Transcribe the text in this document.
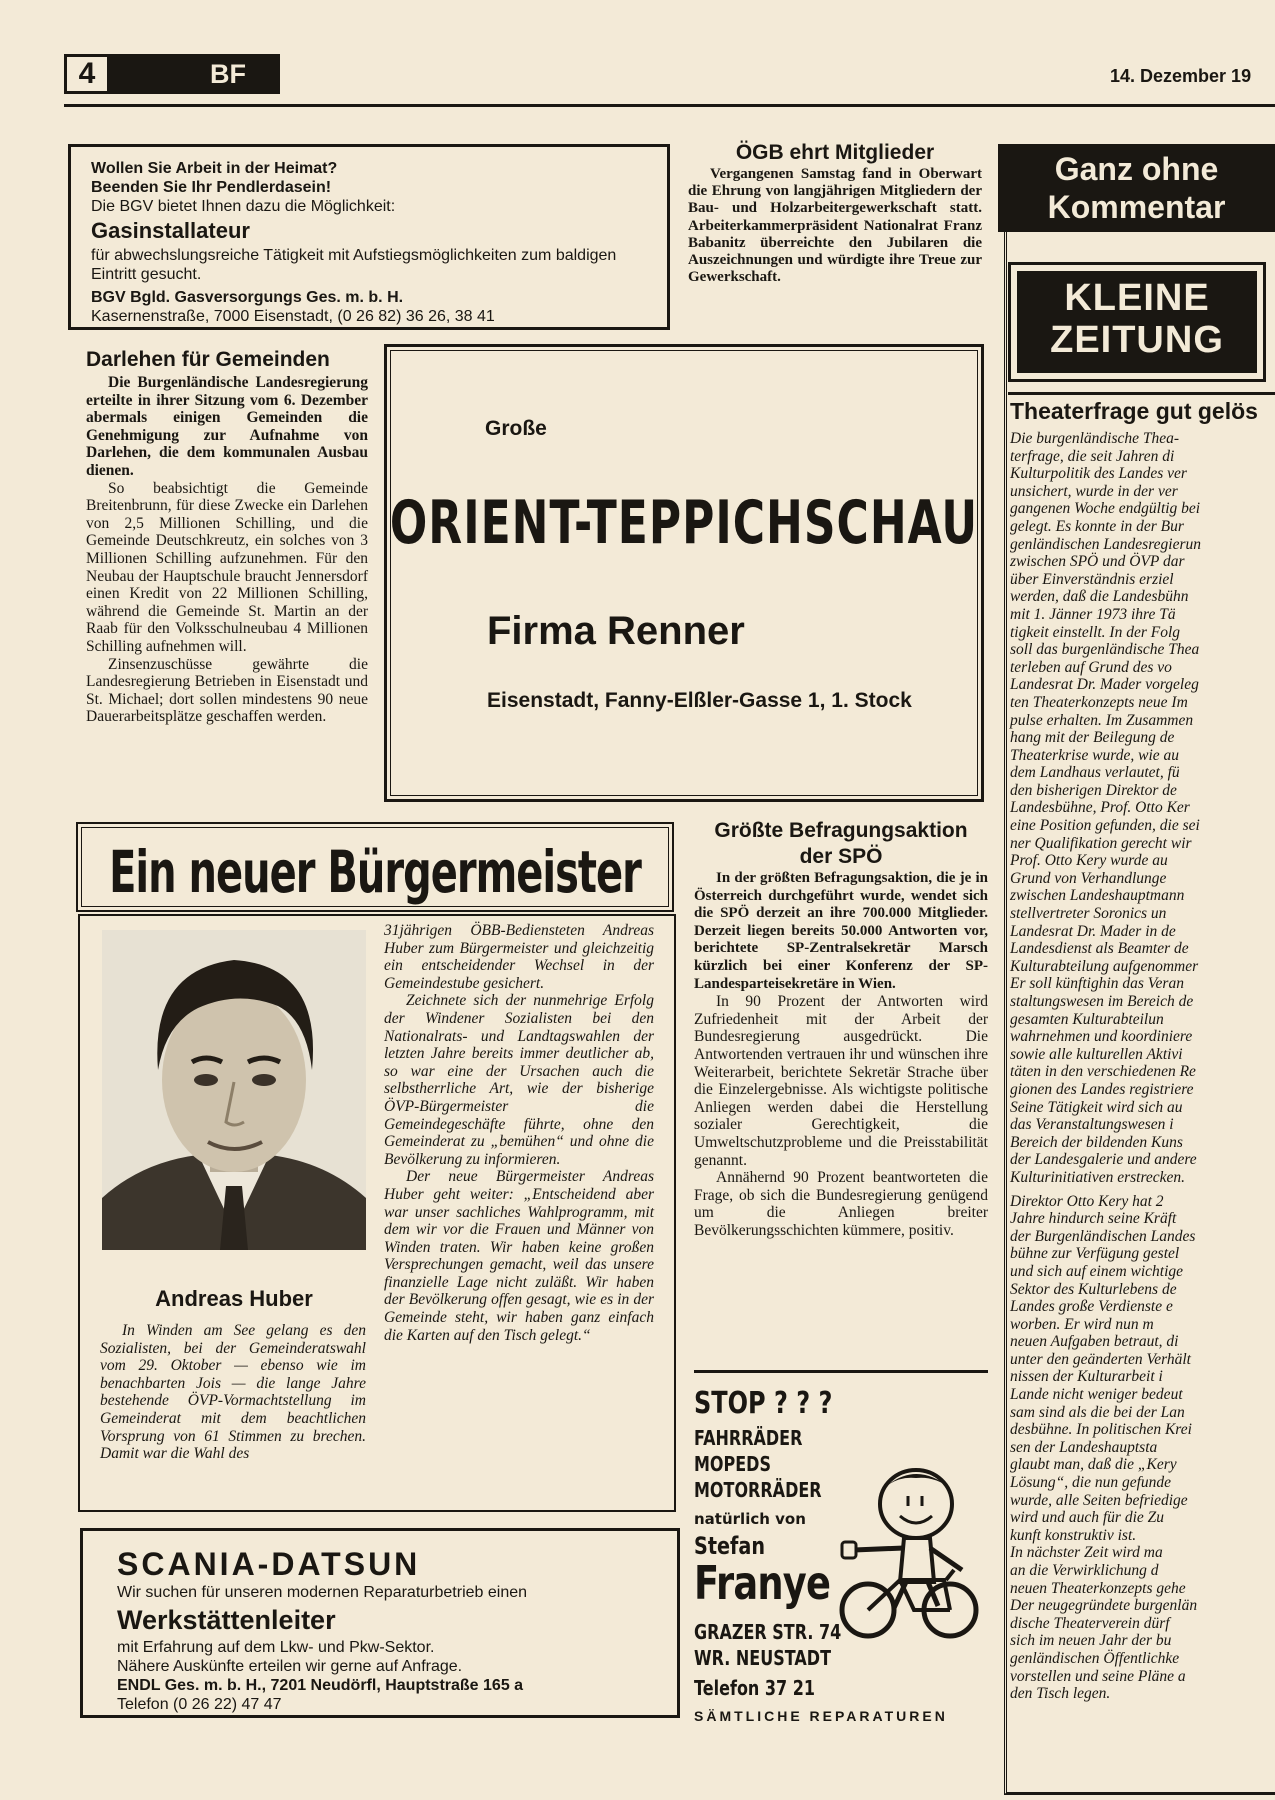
4	BF	14. Dezember 19
Wollen Sie Arbeit in der Heimat?
Beenden Sie Ihr Pendlerdasein!
Die BGV bietet Ihnen dazu die Möglichkeit:
Gasinstallateur
für abwechslungsreiche Tätigkeit mit Aufstiegsmöglichkeiten zum baldigen Eintritt gesucht.
BGV Bgld. Gasversorgungs Ges. m. b. H.
Kasernenstraße, 7000 Eisenstadt, (0 26 82) 36 26, 38 41
ÖGB ehrt Mitglieder

Vergangenen Samstag fand in Oberwart die Ehrung von langjährigen Mitgliedern der Bau- und Holzarbeitergewerkschaft statt. Arbeiterkammerpräsident Nationalrat Franz Babanitz überreichte den Jubilaren die Auszeichnungen und würdigte ihre Treue zur Gewerkschaft.

Darlehen für Gemeinden

Die Burgenländische Landesregierung erteilte in ihrer Sitzung vom 6. Dezember abermals einigen Gemeinden die Genehmigung zur Aufnahme von Darlehen, die dem kommunalen Ausbau dienen.

So beabsichtigt die Gemeinde Breitenbrunn, für diese Zwecke ein Darlehen von 2,5 Millionen Schilling, und die Gemeinde Deutschkreutz, ein solches von 3 Millionen Schilling aufzunehmen. Für den Neubau der Hauptschule braucht Jennersdorf einen Kredit von 22 Millionen Schilling, während die Gemeinde St. Martin an der Raab für den Volksschulneubau 4 Millionen Schilling aufnehmen will.

Zinsenzuschüsse gewährte die Landesregierung Betrieben in Eisenstadt und St. Michael; dort sollen mindestens 90 neue Dauerarbeitsplätze geschaffen werden.

Große
ORIENT-TEPPICHSCHAU
Firma Renner
Eisenstadt, Fanny-Elßler-Gasse 1, 1. Stock
Ein neuer Bürgermeister
Andreas Huber

In Winden am See gelang es den Sozialisten, bei der Gemeinderatswahl vom 29. Oktober — ebenso wie im benachbarten Jois — die lange Jahre bestehende ÖVP-Vormachtstellung im Gemeinderat mit dem beachtlichen Vorsprung von 61 Stimmen zu brechen. Damit war die Wahl des

31jährigen ÖBB-Bediensteten Andreas Huber zum Bürgermeister und gleichzeitig ein entscheidender Wechsel in der Gemeindestube gesichert.

Zeichnete sich der nunmehrige Erfolg der Windener Sozialisten bei den Nationalrats- und Landtagswahlen der letzten Jahre bereits immer deutlicher ab, so war eine der Ursachen auch die selbstherrliche Art, wie der bisherige ÖVP-Bürgermeister die Gemeindegeschäfte führte, ohne den Gemeinderat zu „bemühen“ und ohne die Bevölkerung zu informieren.

Der neue Bürgermeister Andreas Huber geht weiter: „Entscheidend aber war unser sachliches Wahlprogramm, mit dem wir vor die Frauen und Männer von Winden traten. Wir haben keine großen Versprechungen gemacht, weil das unsere finanzielle Lage nicht zuläßt. Wir haben der Bevölkerung offen gesagt, wie es in der Gemeinde steht, wir haben ganz einfach die Karten auf den Tisch gelegt.“

Größte Befragungsaktion
der SPÖ

In der größten Befragungsaktion, die je in Österreich durchgeführt wurde, wendet sich die SPÖ derzeit an ihre 700.000 Mitglieder. Derzeit liegen bereits 50.000 Antworten vor, berichtete SP-Zentralsekretär Marsch kürzlich bei einer Konferenz der SP-Landesparteisekretäre in Wien.

In 90 Prozent der Antworten wird Zufriedenheit mit der Arbeit der Bundesregierung ausgedrückt. Die Antwortenden vertrauen ihr und wünschen ihre Weiterarbeit, berichtete Sekretär Strache über die Einzelergebnisse. Als wichtigste politische Anliegen werden dabei die Herstellung sozialer Gerechtigkeit, die Umweltschutzprobleme und die Preisstabilität genannt.

Annähernd 90 Prozent beantworteten die Frage, ob sich die Bundesregierung genügend um die Anliegen breiter Bevölkerungsschichten kümmere, positiv.

SCANIA-DATSUN
Wir suchen für unseren modernen Reparaturbetrieb einen
Werkstättenleiter
mit Erfahrung auf dem Lkw- und Pkw-Sektor.
Nähere Auskünfte erteilen wir gerne auf Anfrage.
ENDL Ges. m. b. H., 7201 Neudörfl, Hauptstraße 165 a
Telefon (0 26 22) 47 47
STOP ? ? ?
FAHRRÄDER
MOPEDS
MOTORRÄDER
natürlich von
Stefan
Franye
GRAZER STR. 74
WR. NEUSTADT
Telefon 37 21
SÄMTLICHE REPARATUREN
Ganz ohne
Kommentar
KLEINE
ZEITUNG
Theaterfrage gut gelös

Die burgenländische Thea-
terfrage, die seit Jahren di
Kulturpolitik des Landes ver
unsichert, wurde in der ver
gangenen Woche endgültig bei
gelegt. Es konnte in der Bur
genländischen Landesregierun
zwischen SPÖ und ÖVP dar
über Einverständnis erziel
werden, daß die Landesbühn
mit 1. Jänner 1973 ihre Tä
tigkeit einstellt. In der Folg
soll das burgenländische Thea
terleben auf Grund des vo
Landesrat Dr. Mader vorgeleg
ten Theaterkonzepts neue Im
pulse erhalten. Im Zusammen
hang mit der Beilegung de
Theaterkrise wurde, wie au
dem Landhaus verlautet, fü
den bisherigen Direktor de
Landesbühne, Prof. Otto Ker
eine Position gefunden, die sei
ner Qualifikation gerecht wir
Prof. Otto Kery wurde au
Grund von Verhandlunge
zwischen Landeshauptmann
stellvertreter Soronics un
Landesrat Dr. Mader in de
Landesdienst als Beamter de
Kulturabteilung aufgenommer
Er soll künftighin das Veran
staltungswesen im Bereich de
gesamten Kulturabteilun
wahrnehmen und koordiniere
sowie alle kulturellen Aktivi
täten in den verschiedenen Re
gionen des Landes registriere
Seine Tätigkeit wird sich au
das Veranstaltungswesen i
Bereich der bildenden Kuns
der Landesgalerie und andere
Kulturinitiativen erstrecken.

Direktor Otto Kery hat 2
Jahre hindurch seine Kräft
der Burgenländischen Landes
bühne zur Verfügung gestel
und sich auf einem wichtige
Sektor des Kulturlebens de
Landes große Verdienste e
worben. Er wird nun m
neuen Aufgaben betraut, di
unter den geänderten Verhält
nissen der Kulturarbeit i
Lande nicht weniger bedeut
sam sind als die bei der Lan
desbühne. In politischen Krei
sen der Landeshauptsta
glaubt man, daß die „Kery
Lösung“, die nun gefunde
wurde, alle Seiten befriedige
wird und auch für die Zu
kunft konstruktiv ist.

In nächster Zeit wird ma
an die Verwirklichung d
neuen Theaterkonzepts gehe
Der neugegründete burgenlän
dische Theaterverein dürf
sich im neuen Jahr der bu
genländischen Öffentlichke
vorstellen und seine Pläne a
den Tisch legen.
